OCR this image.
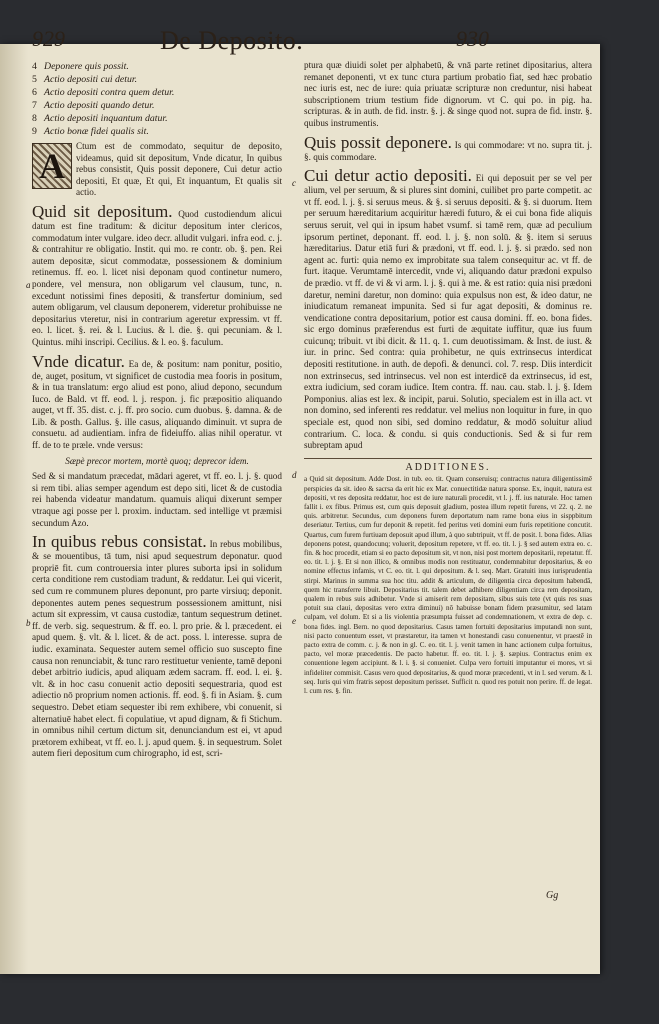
929	De Deposito.	930
4 Deponere quis possit.
5 Actio depositi cui detur.
6 Actio depositi contra quem detur.
7 Actio depositi quando detur.
8 Actio depositi inquantum datur.
9 Actio bonæ fidei qualis sit.

A	Ctum est de commodato, sequitur de deposito, videamus, quid sit depositum, Vnde dicatur, In quibus rebus consistit, Quis possit deponere, Cui detur actio depositi, Et quæ, Et qui, Et inquantum, Et qualis sit actio.

Quid sit depositum. Quod custodiendum alicui datum est fine traditum: & dicitur depositum inter clericos, commodatum inter vulgare. ideo decr. alludit vulgari. infra eod. c. j. & contrahitur re obligatio. Instit. qui mo. re contr. ob. §. pen. Rei autem depositæ, sicut commodatæ, possessionem & dominium retinemus. ff. eo. l. licet nisi deponam quod continetur numero, pondere, vel mensura, non obligarum vel clausum, tunc, n. excedunt notissimi fines depositi, & transfertur dominium, sed autem obligarum, vel clausum deponerem, videretur prohibuisse ne depositarius vteretur, nisi in contrarium ageretur expressim. vt ff. eo. l. licet. §. rei. & l. Lucius. & l. die. §. qui pecuniam. & l. Quintus. mihi inscripi. Cecilius. & l. eo. §. faculum.

Vnde dicatur. Ea de, & positum: nam ponitur, positio, de, auget, positum, vt significet de custodia mea fooris in positum, & in tua translatum: ergo aliud est pono, aliud depono, secundum Iuco. de Bald. vt ff. eod. l. j. respon. j. fic præpositio aliquando auget, vt ff. 35. dist. c. j. ff. pro socio. cum duobus. §. damna. & de Lib. & posth. Gallus. §. ille casus, aliquando diminuit. vt supra de consuetu. ad audientiam. infra de fideiuffo. alias nihil operatur. vt ff. de to te præle. vnde versus:

Sæpè precor mortem, mortè quoq; deprecor idem.

Sed & si mandatum præcedat, mādari ageret, vt ff. eo. l. j. §. quod si rem tibi. alias semper agendum est depo siti, licet & de custodia rei habenda videatur mandatum. quamuis aliqui dixerunt semper vtraque agi posse per l. proxim. inductam. sed intellige vt præmisi secundum Azo.

In quibus rebus consistat. In rebus mobilibus, & se mouentibus, tā tum, nisi apud sequestrum deponatur. quod propriē fit. cum controuersia inter plures suborta ipsi in solidum certa conditione rem custodiam tradunt, & reddatur. Lei qui vicerit, sed cum re communem plures deponunt, pro parte virsiuq; deponit. deponentes autem penes sequestrum possessionem amittunt, nisi actum sit expressim, vt causa custodiæ, tantum sequestrum detinet. ff. de verb. sig. sequestrum. & ff. eo. l. pro prie. & l. præcedent. ei apud quem. §. vlt. & l. licet. & de act. poss. l. interesse. supra de iudic. examinata. Sequester autem semel officio suo suscepto fine causa non renunciabit, & tunc raro restituetur veniente, tamē deponi debet arbitrio iudicis, apud aliquam ædem sacram. ff. eod. l. ei. §. vlt. & in hoc casu conuenit actio depositi sequestraria, quod est adiectio nō proprium nomen actionis. ff. eod. §. fi in Asiam. §. cum sequestro. Debet etiam sequester ibi rem exhibere, vbi conuenit, si alternatiuē habet elect. fi copulatiue, vt apud dignam, & fi Stichum. in omnibus nihil certum dictum sit, denunciandum est ei, vt apud prætorem exhibeat, vt ff. eo. l. j. apud quem. §. in sequestrum. Solet autem fieri depositum cum chirographo, id est, scri-

ptura quæ diuidi solet per alphabetū, & vnā parte retinet dipositarius, altera remanet deponenti, vt ex tunc ctura partium probatio fiat, sed hæc probatio nec iuris est, nec de iure: quia priuatæ scripturæ non creduntur, nisi habeat subscriptionem trium testium fide dignorum. vt C. qui po. in pig. ha. scripturas. & in auth. de fid. instr. §. j. & singe quod not. supra de fid. instr. §. quibus instrumentis.

Quis possit deponere. Is qui commodare: vt no. supra tit. j. §. quis commodare.

Cui detur actio depositi. Ei qui deposuit per se vel per alium, vel per seruum, & si plures sint domini, cuilibet pro parte competit. ac vt ff. eod. l. j. §. si seruus meus. & §. si seruus depositi. & §. si duorum. Item per seruum hæreditarium acquiritur hæredi futuro, & ei cui bona fide aliquis seruus seruit, vel qui in ipsum habet vsumf. si tamē rem, quæ ad peculium ipsorum pertinet, deponant. ff. eod. l. j. §. non solū. & §. item si seruus hæreditarius. Datur etiā furi & prædoni, vt ff. eod. l. j. §. si prædo. sed non agent ac. furti: quia nemo ex improbitate sua talem consequitur ac. vt ff. de furt. itaque. Verumtamē intercedit, vnde vi, aliquando datur prædoni expulso de prædio. vt ff. de vi & vi arm. l. j. §. qui à me. & est ratio: quia nisi prædoni daretur, nemini daretur, non domino: quia expulsus non est, & ideo datur, ne iniudicatum remaneat impunita. Sed si fur agat depositi, & dominus re. vendicatione contra depositarium, potior est causa domini. ff. eo. bona fides. sic ergo dominus præferendus est furti de æquitate iuffitur, quæ ius fuum cuicunq; tribuit. vt ibi dicit. & 11. q. 1. cum deuotissimam. & Inst. de iust. & iur. in princ. Sed contra: quia prohibetur, ne quis extrinsecus interdicat depositi restitutione. in auth. de depofi. & denunci. col. 7. resp. Diis interdicit non extrinsecus, sed intrinsecus. vel non est interdicē da extrinsecus, id est, extra iudicium, sed coram iudice. Item contra. ff. nau. cau. stab. l. j. §. Idem Pomponius. alias est lex. & incipit, parui. Solutio, specialem est in illa act. vt non domino, sed inferenti res reddatur. vel melius non loquitur in fure, in quo speciale est, quod non sibi, sed domino reddatur, & modō soluitur aliud contrarium. C. loca. & condu. si quis conductionis. Sed & si fur rem subreptam apud

ADDITIONES.
a Quid sit depositum. Adde Dost. in tub. eo. tit. Quam conseruisq; contractus natura diligentissimē perspicies da sit. ideo & sacrsa da erit hic ex Mar. conuectitidæ natura sponse. Ex, inquit, natura est depositi, vt res deposita reddatur, hoc est de iure naturali procedit, vt l. j. ff. ius naturale. Hoc tamen fallit i. ex fibus. Primus est, cum quis deposuit gladium, postea illum repetit furens, vt 22. q. 2. ne quis. arbitretur. Secundus, cum deponens furem deportatum nam rame bona eius in sisppbitum deseriatur. Tertius, cum fur deponit & repetit. fed peritus veti domini eum furis repetitione concutit. Quartus, cum furem furtiuam deposuit apud illum, à quo subtripuit, vt ff. de posit. l. bona fides. Alias deponens potest, quandocunq; voluerit, depositum repetere, vt ff. eo. tit. l. j. § sed autem extra eo. c. fin. & hoc procedit, etiam si eo pacto depositum sit, vt non, nisi post mortem depositarii, repetatur. ff. eo. tit. l. j. §. Et si non illico, & omnibus modis non restituatur, condemnabitur depositarius, & eo nomine effectus infamis, vt C. eo. tit. l. qui depositum. & l. seq. Mart. Gratuiti inus iurisprudentia stirpi. Marinus in summa sua hoc titu. addit & articulum, de diligentia circa depositum habendā, quem hic transferre libuit. Depositarius tit. talem debet adhibere diligentiam circa rem depositam, qualem in rebus suis adhibetur. Vnde si amiserit rem depositam, sibus suis tete (vt quis res suas potuit sua claui, depositas vero extra diminui) nō habuisse bonam fidem præsumitur, sed latam culpam, vel dolum. Et si a lis violentia præsumpta fuisset ad condemnationem, vt extra de dep. c. bona fides. ingl. Bern. no quod depositarius. Casus tamen fortuiti depositarius imputandi non sunt, nisi pacto conuentum esset, vt præstaretur, ita tamen vt honestandi casu conuenentur, vt praestē in pacto extra de comm. c. j. & non in gl. C. eo. tit. l. j. venit tamen in hanc actionem culpa fortuitus, pacto, vel moræ præcedentis. De pacto habetur. ff. eo. tit. l. j. §. sæpius. Contractus enim ex conuentione legem accipiunt. & l. i. §. si conueniet. Culpa vero fortuiti imputantur ei mores, vt si infideliter commisit. Casus vero quod depositarius, & quod moræ præcedenti, vt in l. sed verum. & l. seq. Iuris qui vim fratris sepost depositum perisset. Sufficit n. quod res potuit non perire. ff. de legat. l. cum res. §. fin.
a
b
c
d
e
Gg
